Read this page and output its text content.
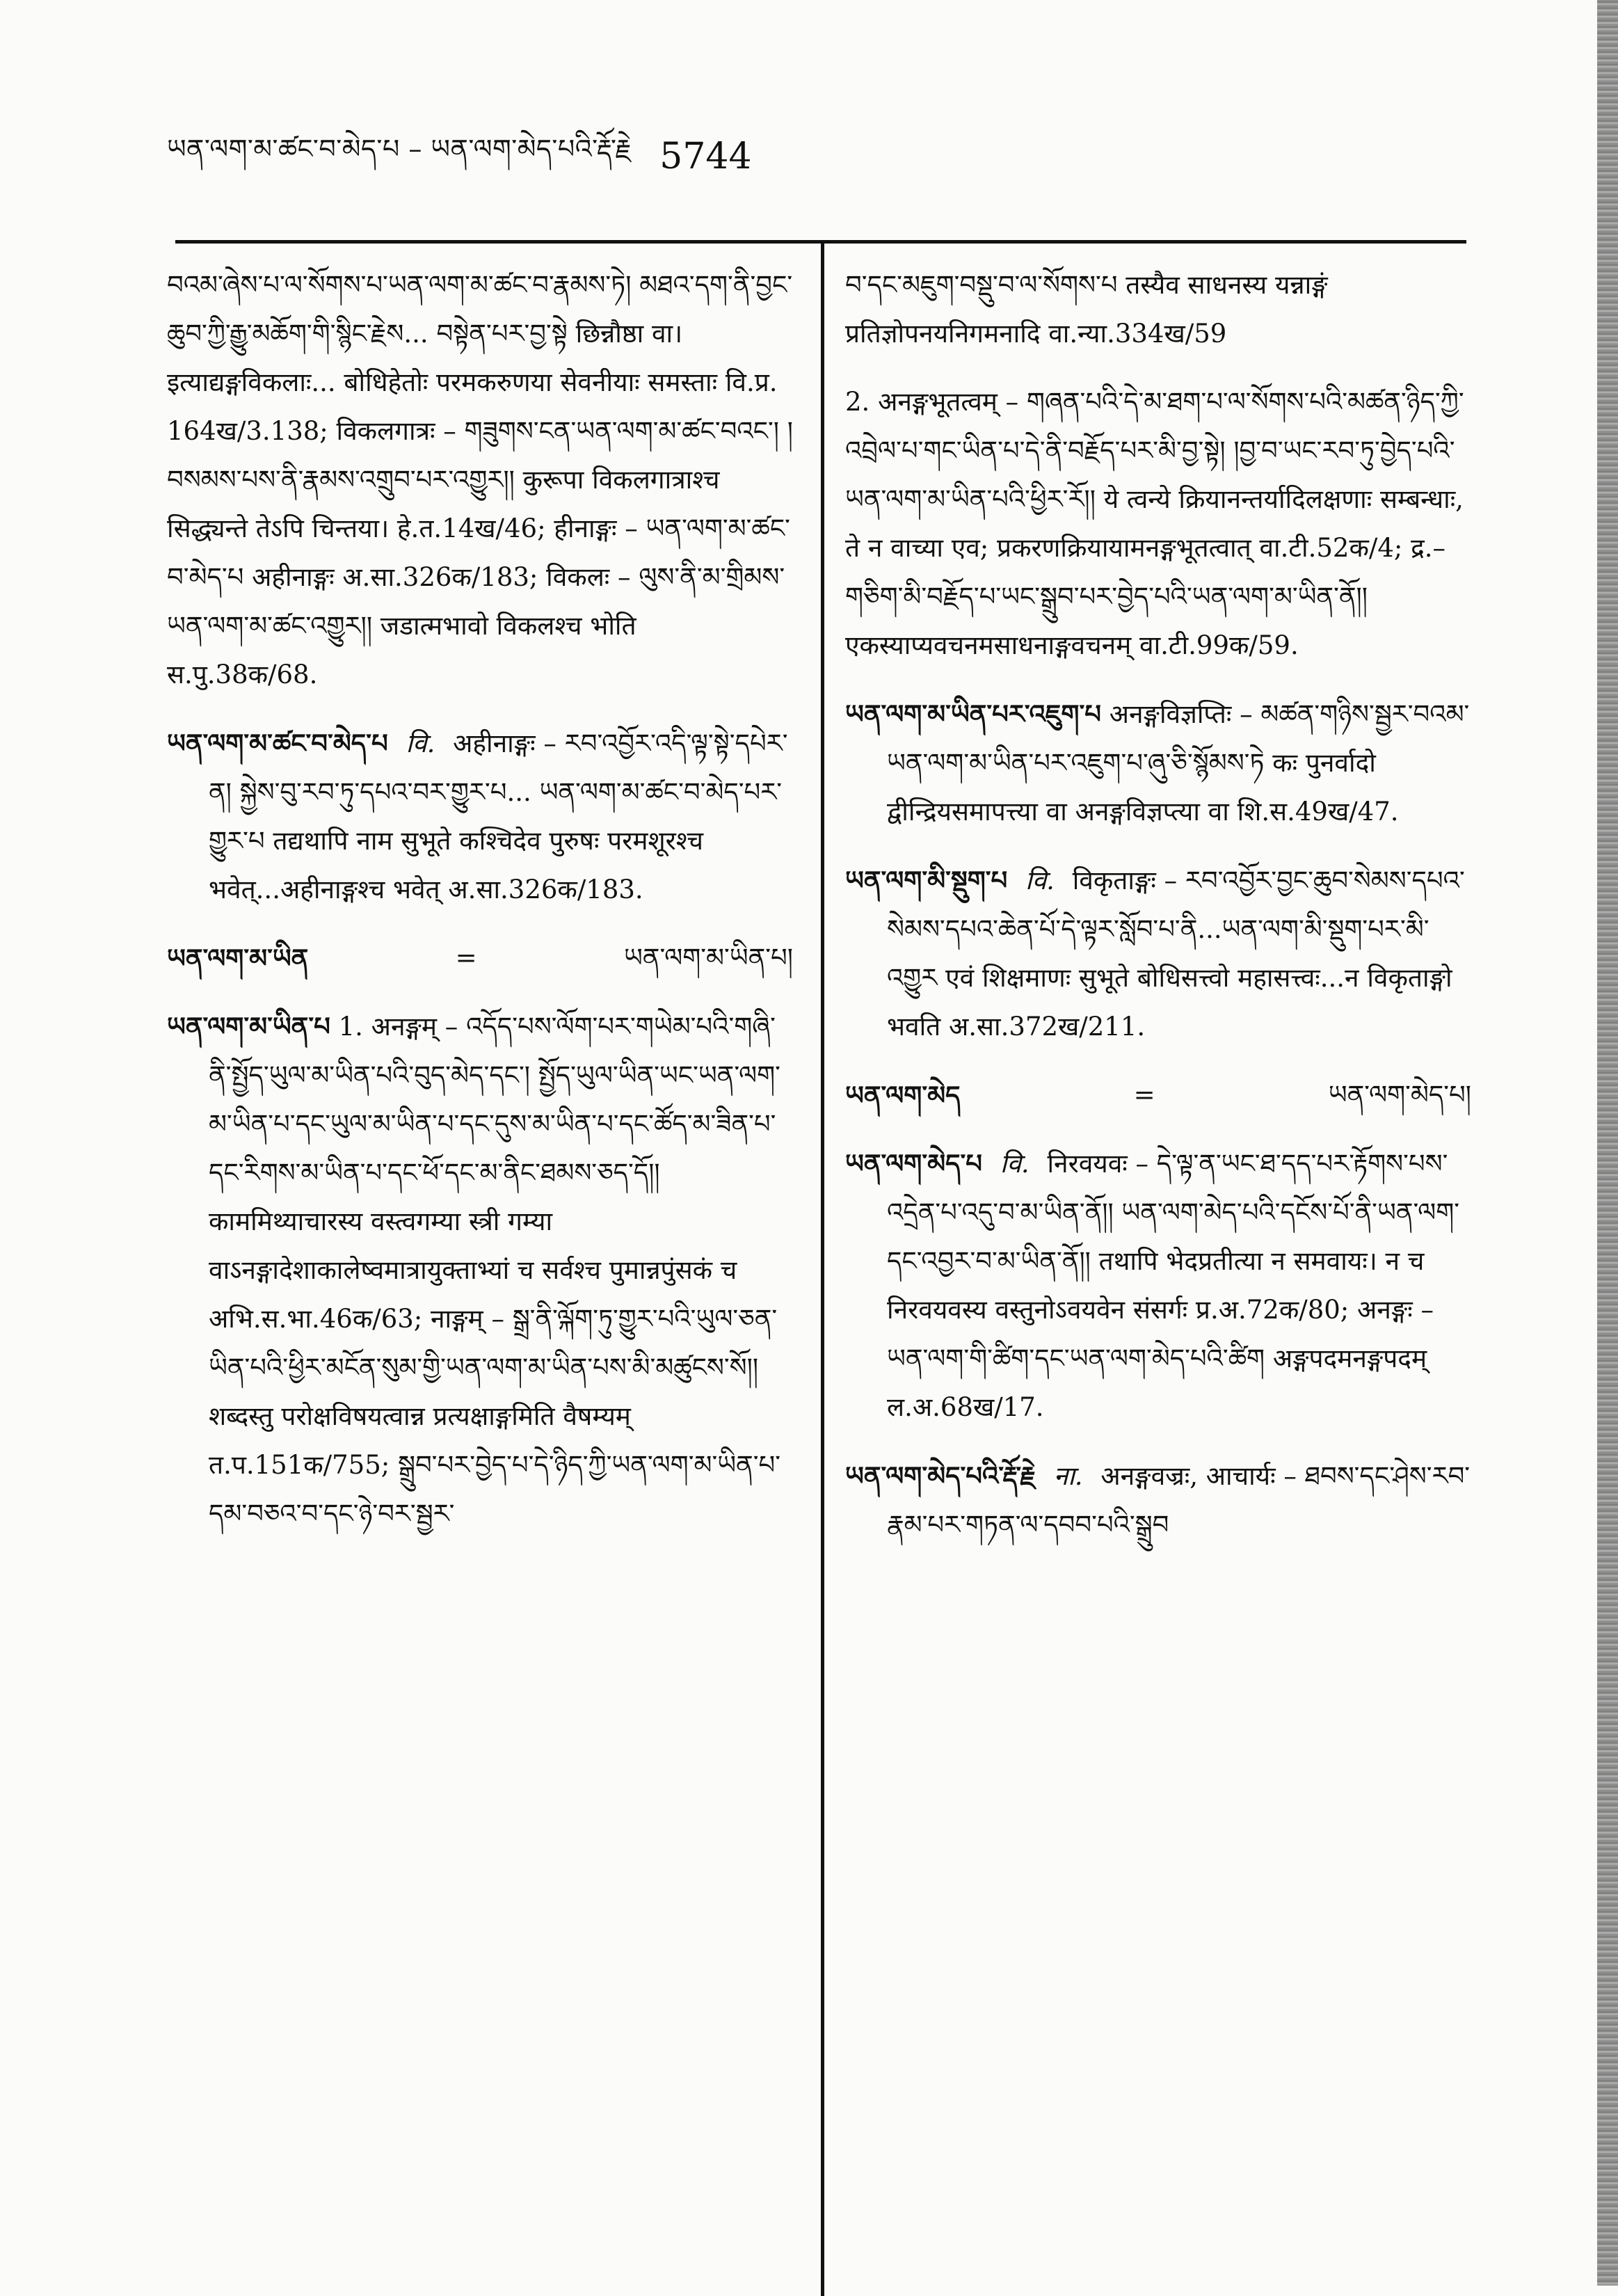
ཡན་ལག་མ་ཚང་བ་མེད་པ – ཡན་ལག་མེད་པའི་རྡོ་རྗེ 5744

བའམ་ཞེས་པ་ལ་སོགས་པ་ཡན་ལག་མ་ཚང་བ་རྣམས་ཏེ། མཐའ་དག་ནི་བྱང་ཆུབ་ཀྱི་རྒྱུ་མཆོག་གི་སྙིང་རྗེས... བསྟེན་པར་བྱ་སྟེ छिन्नौष्ठा वा। इत्याद्यङ्गविकलाः... बोधिहेतोः परमकरुणया सेवनीयाः समस्ताः वि.प्र. 164ख/3.138; विकलगात्रः – གཟུགས་ངན་ཡན་ལག་མ་ཚང་བའང་། །བསམས་པས་ནི་རྣམས་འགྲུབ་པར་འགྱུར།། कुरूपा विकलगात्राश्च सिद्ध्यन्ते तेऽपि चिन्तया। हे.त.14ख/46; हीनाङ्गः – ཡན་ལག་མ་ཚང་བ་མེད་པ अहीनाङ्गः अ.सा.326क/183; विकलः – ལུས་ནི་མ་གྲིམས་ཡན་ལག་མ་ཚང་འགྱུར།། जडात्मभावो विकलश्च भोति स.पु.38क/68.

ཡན་ལག་མ་ཚང་བ་མེད་པ वि. अहीनाङ्गः – རབ་འབྱོར་འདི་ལྟ་སྟེ་དཔེར་ན། སྐྱེས་བུ་རབ་ཏུ་དཔའ་བར་གྱུར་པ... ཡན་ལག་མ་ཚང་བ་མེད་པར་གྱུར་པ तद्यथापि नाम सुभूते कश्चिदेव पुरुषः परमशूरश्च भवेत्...अहीनाङ्गश्च भवेत् अ.सा.326क/183.

ཡན་ལག་མ་ཡིན	=	ཡན་ལག་མ་ཡིན་པ།

ཡན་ལག་མ་ཡིན་པ 1. अनङ्गम् – འདོད་པས་ལོག་པར་གཡེམ་པའི་གཞི་ནི་སྤྱོད་ཡུལ་མ་ཡིན་པའི་བུད་མེད་དང་། སྤྱོད་ཡུལ་ཡིན་ཡང་ཡན་ལག་མ་ཡིན་པ་དང་ཡུལ་མ་ཡིན་པ་དང་དུས་མ་ཡིན་པ་དང་ཚོད་མ་ཟིན་པ་དང་རིགས་མ་ཡིན་པ་དང་ཕོ་དང་མ་ནིང་ཐམས་ཅད་དོ།། काममिथ्याचारस्य वस्त्वगम्या स्त्री गम्या वाऽनङ्गादेशाकालेष्वमात्रायुक्ताभ्यां च सर्वश्च पुमान्नपुंसकं च अभि.स.भा.46क/63; नाङ्गम् – སྒྲ་ནི་ལྐོག་ཏུ་གྱུར་པའི་ཡུལ་ཅན་ཡིན་པའི་ཕྱིར་མངོན་སུམ་གྱི་ཡན་ལག་མ་ཡིན་པས་མི་མཚུངས་སོ།། शब्दस्तु परोक्षविषयत्वान्न प्रत्यक्षाङ्गमिति वैषम्यम् त.प.151क/755; སྒྲུབ་པར་བྱེད་པ་དེ་ཉིད་ཀྱི་ཡན་ལག་མ་ཡིན་པ་དམ་བཅའ་བ་དང་ཉེ་བར་སྦྱར་

བ་དང་མཇུག་བསྡུ་བ་ལ་སོགས་པ तस्यैव साधनस्य यन्नाङ्गं प्रतिज्ञोपनयनिगमनादि वा.न्या.334ख/59

2. अनङ्गभूतत्वम् – གཞན་པའི་དེ་མ་ཐག་པ་ལ་སོགས་པའི་མཚན་ཉིད་ཀྱི་འབྲེལ་པ་གང་ཡིན་པ་དེ་ནི་བརྗོད་པར་མི་བྱ་སྟེ། །བྱ་བ་ཡང་རབ་ཏུ་བྱེད་པའི་ཡན་ལག་མ་ཡིན་པའི་ཕྱིར་རོ།། ये त्वन्ये क्रियानन्तर्यादिलक्षणाः सम्बन्धाः, ते न वाच्या एव; प्रकरणक्रियायामनङ्गभूतत्वात् वा.टी.52क/4; द्र.– གཅིག་མི་བརྗོད་པ་ཡང་སྒྲུབ་པར་བྱེད་པའི་ཡན་ལག་མ་ཡིན་ནོ།། एकस्याप्यवचनमसाधनाङ्गवचनम् वा.टी.99क/59.

ཡན་ལག་མ་ཡིན་པར་འཇུག་པ अनङ्गविज्ञप्तिः – མཚན་གཉིས་སྦྱར་བའམ་ཡན་ལག་མ་ཡིན་པར་འཇུག་པ་ཞུ་ཅི་སྙོམས་ཏེ कः पुनर्वादो द्वीन्द्रियसमापत्त्या वा अनङ्गविज्ञप्त्या वा शि.स.49ख/47.

ཡན་ལག་མི་སྡུག་པ वि. विकृताङ्गः – རབ་འབྱོར་བྱང་ཆུབ་སེམས་དཔའ་སེམས་དཔའ་ཆེན་པོ་དེ་ལྟར་སློབ་པ་ནི...ཡན་ལག་མི་སྡུག་པར་མི་འགྱུར एवं शिक्षमाणः सुभूते बोधिसत्त्वो महासत्त्वः...न विकृताङ्गो भवति अ.सा.372ख/211.

ཡན་ལག་མེད	=	ཡན་ལག་མེད་པ།

ཡན་ལག་མེད་པ वि. निरवयवः – དེ་ལྟ་ན་ཡང་ཐ་དད་པར་རྟོགས་པས་འདྲེན་པ་འདུ་བ་མ་ཡིན་ནོ།། ཡན་ལག་མེད་པའི་དངོས་པོ་ནི་ཡན་ལག་དང་འབྱར་བ་མ་ཡིན་ནོ།། तथापि भेदप्रतीत्या न समवायः। न च निरवयवस्य वस्तुनोऽवयवेन संसर्गः प्र.अ.72क/80; अनङ्गः – ཡན་ལག་གི་ཚིག་དང་ཡན་ལག་མེད་པའི་ཚིག अङ्गपदमनङ्गपदम् ल.अ.68ख/17.

ཡན་ལག་མེད་པའི་རྡོ་རྗེ ना. अनङ्गवज्रः, आचार्यः – ཐབས་དང་ཤེས་རབ་རྣམ་པར་གཏན་ལ་དབབ་པའི་སྒྲུབ
